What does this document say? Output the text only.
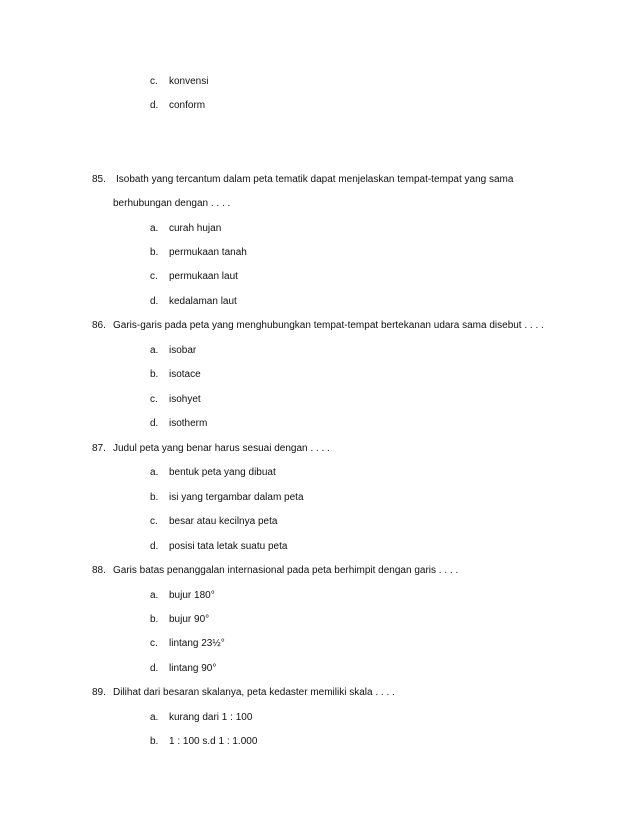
c. konvensi
d. conform
85. Isobath yang tercantum dalam peta tematik dapat menjelaskan tempat-tempat yang sama
berhubungan dengan . . . .
a. curah hujan
b. permukaan tanah
c. permukaan laut
d. kedalaman laut
86. Garis-garis pada peta yang menghubungkan tempat-tempat bertekanan udara sama disebut . . . .
a. isobar
b. isotace
c. isohyet
d. isotherm
87. Judul peta yang benar harus sesuai dengan . . . .
a. bentuk peta yang dibuat
b. isi yang tergambar dalam peta
c. besar atau kecilnya peta
d. posisi tata letak suatu peta
88. Garis batas penanggalan internasional pada peta berhimpit dengan garis . . . .
a. bujur 180°
b. bujur 90°
c. lintang 23½°
d. lintang 90°
89. Dilihat dari besaran skalanya, peta kedaster memiliki skala . . . .
a. kurang dari 1 : 100
b. 1 : 100 s.d 1 : 1.000
